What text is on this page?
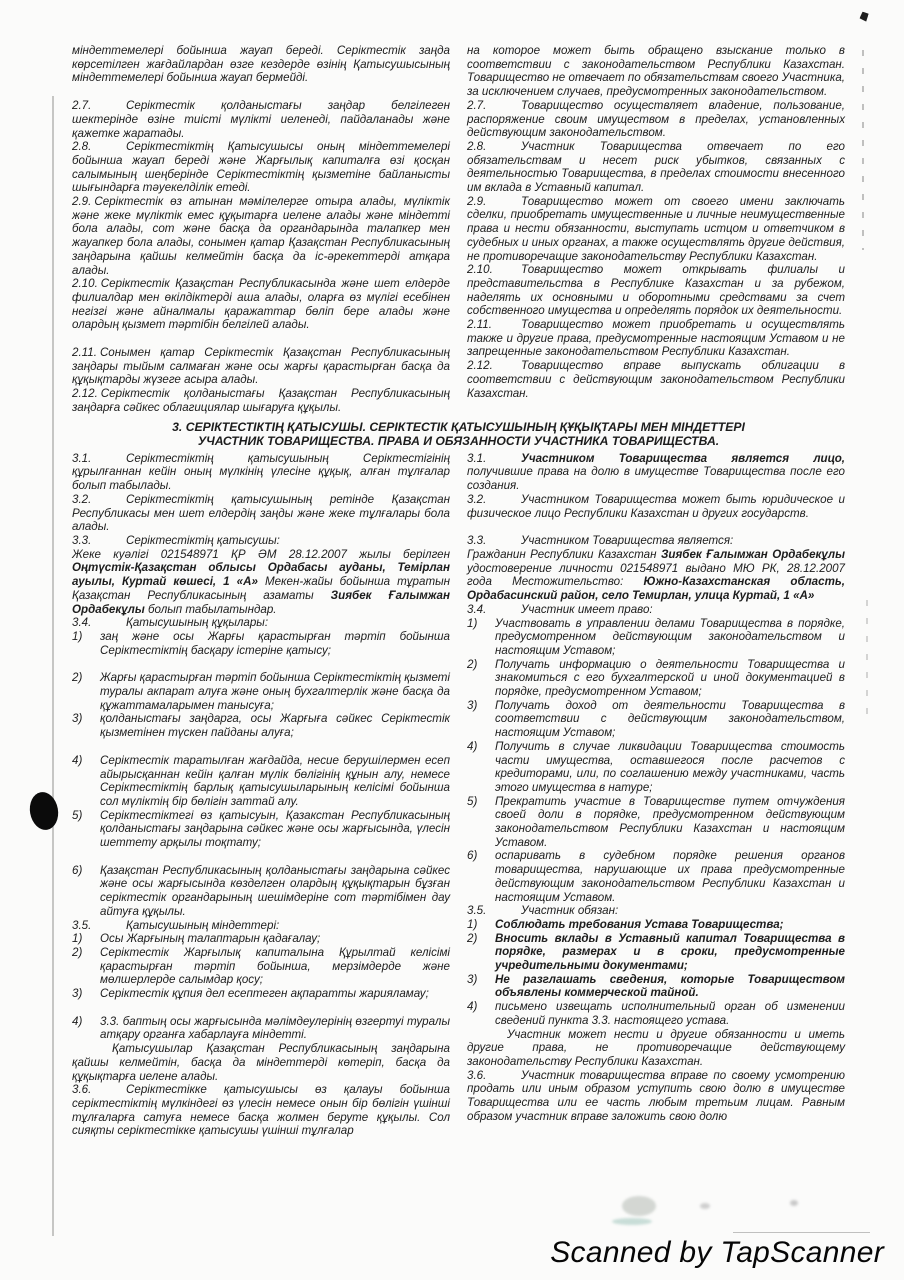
міндеттемелері бойынша жауап береді. Серіктестік заңда көрсетілген жағдайлардан өзге кездерде өзінің Қатысушысының міндеттемелері бойынша жауап бермейді.
2.7.	Серіктестік қолданыстағы заңдар белгілеген шектерінде өзіне тиісті мүлікті иеленеді, пайдаланады және қажетке жаратады.
2.8.	Серіктестіктің Қатысушысы оның міндеттемелері бойынша жауап береді және Жарғылық капиталға өзі қосқан салымының шеңберінде Серіктестіктің қызметіне байланысты шығындарға тәуекелділік етеді.
2.9. Серіктестік өз атынан мәмілелерге отыра алады, мүліктік және жеке мүліктік емес құқытарға иелене алады және міндетті бола алады, сот және басқа да органдарында талапкер мен жауапкер бола алады, сонымен қатар Қазақстан Республикасының заңдарына қайшы келмейтін басқа да іс-әрекеттерді атқара алады.
2.10. Серіктестік Қазақстан Республикасында және шет елдерде филиалдар мен өкілдіктерді аша алады, оларға өз мүлігі есебінен негізгі және айналмалы қаражаттар бөліп бере алады және олардың қызмет тәртібін белгілей алады.
2.11. Сонымен қатар Серіктестік Қазақстан Республикасының заңдары тыйым салмаған және осы жарғы қарастырған басқа да құқықтарды жүзеге асыра алады.
2.12. Серіктестік қолданыстағы Қазақстан Республикасының заңдарға сәйкес облагициялар шығаруға құқылы.
на которое может быть обращено взыскание только в соответствии с законодательством Республики Казахстан. Товарищество не отвечает по обязательствам своего Участника, за исключением случаев, предусмотренных законодательством.
2.7.	Товарищество осуществляет владение, пользование, распоряжение своим имуществом в пределах, установленных действующим законодательством.
2.8.	Участник Товарищества отвечает по его обязательствам и несет риск убытков, связанных с деятельностью Товарищества, в пределах стоимости внесенного им вклада в Уставный капитал.
2.9.	Товарищество может от своего имени заключать сделки, приобретать имущественные и личные неимущественные права и нести обязанности, выступать истцом и ответчиком в судебных и иных органах, а также осуществлять другие действия, не противоречащие законодательству Республики Казахстан.
2.10. Товарищество может открывать филиалы и представительства в Республике Казахстан и за рубежом, наделять их основными и оборотными средствами за счет собственного имущества и определять порядок их деятельности.
2.11.	Товарищество может приобретать и осуществлять также и другие права, предусмотренные настоящим Уставом и не запрещенные законодательством Республики Казахстан.
2.12. Товарищество вправе выпускать облигации в соответствии с действующим законодательством Республики Казахстан.
3. СЕРІКТЕСТІКТІҢ ҚАТЫСУШЫ. СЕРІКТЕСТІК ҚАТЫСУШЫНЫҢ ҚҰҚЫҚТАРЫ МЕН МІНДЕТТЕРІ
УЧАСТНИК ТОВАРИЩЕСТВА. ПРАВА И ОБЯЗАННОСТИ УЧАСТНИКА ТОВАРИЩЕСТВА.
3.1.	Серіктестіктің қатысушының Серіктестігінің құрылғаннан кейін оның мүлкінің үлесіне құқық, алған тұлғалар болып табылады.
3.2.	Серіктестіктің қатысушының ретінде Қазақстан Республикасы мен шет елдердің заңды және жеке тұлғалары бола алады.
3.3.	Серіктестіктің қатысушы:
Жеке куәлігі 021548971 ҚР ӘМ 28.12.2007 жылы берілген Оңтүстік-Қазақстан облысы Ордабасы ауданы, Темірлан ауылы, Куртай көшесі, 1 «А» Мекен-жайы бойынша тұратын Қазақстан Республикасының азаматы Зиябек Ғалымжан Ордабекұлы болып табылатындар.
3.4.	Қатысушының құқылары:
1)	заң және осы Жарғы қарастырған тәртіп бойынша Серіктестіктің басқару істеріне қатысу;
2)	Жарғы қарастырған тәртіп бойынша Серіктестіктің қызметі туралы акпарат алуға және оның бухгалтерлік және басқа да құжаттамаларымен танысуға;
3)	қолданыстағы заңдарга, осы Жарғыға сәйкес Серіктестік қызметінен түскен пайданы алуға;
4)	Серіктестік таратылған жағдайда, несие берушілермен есеп айырысқаннан кейін қалған мүлік бөлігінің құнын алу, немесе Серіктестіктің барлық қатысушыларының келісімі бойынша сол мүліктің бір бөлігін заттай алу.
5)	Серіктестіктегі өз қатысуын, Қазакстан Республикасының қолданыстағы заңдарына сәйкес және осы жарғысында, үлесін шеттету арқылы тоқтату;
6)	Қазақстан Республикасының қолданыстағы заңдарына сәйкес және осы жарғысында көзделген олардың құқықтарын бұзған серіктестік органдарының шешімдеріне сот тәртібімен дау айтуға құқылы.
3.5.	Қатысушының міндеттері:
1)	Осы Жарғының талаптарын қадағалау;
2)	Серіктестік Жарғылық капиталына Құрылтай келісімі қарастырған тәртіп бойынша, мерзімдерде және мөлшерлерде салымдар қосу;
3)	Серіктестік құпия дел есептеген ақпаратты жарияламау;
4)	3.3. баптың осы жарғысында мәлімдеулерінің өзгертуі туралы атқару органға хабарлауға міндетті.
Қатысушылар Қазақстан Республикасының заңдарына қайшы келмейтін, басқа да міндеттерді көтеріп, басқа да құқықтарға иелене алады.
3.6.	Серіктестікке қатысушысы өз қалауы бойынша серіктестіктің мүлкіндегі өз үлесін немесе онын бір бөлігін үшінші тұлғаларға сатуға немесе басқа жолмен беруте құқылы. Сол сияқты серіктестікке қатысушы үшінші тұлғалар
3.1.	Участником Товарищества является лицо, получившие права на долю в имуществе Товарищества после его создания.
3.2.	Участником Товарищества может быть юридическое и физическое лицо Республики Казахстан и других государств.
3.3.	Участником Товарищества является:
Гражданин Республики Казахстан Зиябек Ғалымжан Ордабекұлы удостоверение личности 021548971 выдано МЮ РК, 28.12.2007 года Местожительство: Южно-Казахстанская область, Ордабасинский район, село Темирлан, улица Куртай, 1 «А»
3.4.	Участник имеет право:
1)	Участвовать в управлении делами Товарищества в порядке, предусмотренном действующим законодательством и настоящим Уставом;
2)	Получать информацию о деятельности Товарищества и знакомиться с его бухгалтерской и иной документацией в порядке, предусмотренном Уставом;
3)	Получать доход от деятельности Товарищества в соответствии с действующим законодательством, настоящим Уставом;
4)	Получить в случае ликвидации Товарищества стоимость части имущества, оставшегося после расчетов с кредиторами, или, по соглашению между участниками, часть этого имущества в натуре;
5)	Прекратить участие в Товариществе путем отчуждения своей доли в порядке, предусмотренном действующим законодательством Республики Казахстан и настоящим Уставом.
6)	оспаривать в судебном порядке решения органов товарищества, нарушающие их права предусмотренные действующим законодательством Республики Казахстан и настоящим Уставом.
3.5.	Участник обязан:
1)	Соблюдать требования Устава Товарищества;
2)	Вносить вклады в Уставный капитал Товарищества в порядке, размерах и в сроки, предусмотренные учредительными документами;
3)	Не разглашать сведения, которые Товариществом объявлены коммерческой тайной.
4)	письмено извещать исполнительный орган об изменении сведений пункта 3.3. настоящего устава.
Участник может нести и другие обязанности и иметь другие права, не противоречащие действующему законодательству Республики Казахстан.
3.6.	Участник товарищества вправе по своему усмотрению продать или иным образом уступить свою долю в имуществе Товарищества или ее часть любым третьим лицам. Равным образом участник вправе заложить свою долю
Scanned by TapScanner
